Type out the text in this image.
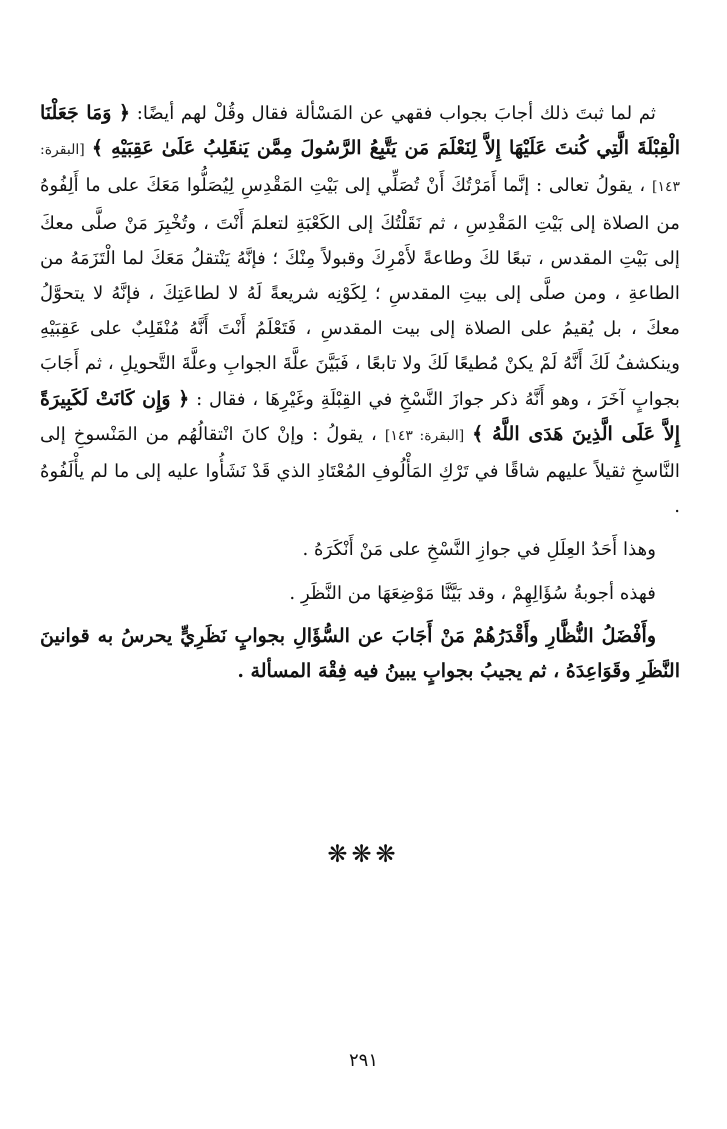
ثم لما ثبتَ ذلك أجابَ بجواب فقهي عن المَسْألة فقال وقُلْ لهم أيضًا: ﴿ وَمَا جَعَلْنَا الْقِبْلَةَ الَّتِي كُنتَ عَلَيْهَا إِلاَّ لِنَعْلَمَ مَن يَتَّبِعُ الرَّسُولَ مِمَّن يَنقَلِبُ عَلَىٰ عَقِبَيْهِ ﴾ [البقرة: ١٤٣] ، يقولُ تعالى : إنَّما أَمَرْتُكَ أَنْ تُصَلِّي إلى بَيْتِ المَقْدِسِ لِيُصَلُّوا مَعَكَ على ما أَلِفُوهُ من الصلاة إلى بَيْتِ المَقْدِسِ ، ثم نَقَلْتُكَ إلى الكَعْبَةِ لتعلمَ أَنْتَ ، وتُخْبِرَ مَنْ صلَّى معكَ إلى بَيْتِ المقدس ، تبعًا لكَ وطاعةً لأَمْرِكَ وقبولاً مِنْكَ ؛ فإنَّهُ يَنْتقلُ مَعَكَ لما الْتَزَمَهُ من الطاعةِ ، ومن صلَّى إلى بيتِ المقدسِ ؛ لِكَوْنِه شريعةً لَهُ لا لطاعَتِكَ ، فإنَّهُ لا يتحوَّلُ معكَ ، بل يُقيمُ على الصلاة إلى بيت المقدسِ ، فَتَعْلَمُ أَنْتَ أَنَّهُ مُنْقَلِبٌ على عَقِبَيْهِ وينكشفُ لَكَ أَنَّهُ لَمْ يكنْ مُطيعًا لَكَ ولا تابعًا ، فَبَيَّنَ علَّةَ الجوابِ وعلَّةَ التَّحويلِ ، ثم أَجَابَ بجوابٍ آخَرَ ، وهو أَنَّهُ ذكر جوازَ النَّسْخِ في القِبْلَةِ وغَيْرِهَا ، فقال : ﴿ وَإِن كَانَتْ لَكَبِيرَةً إِلاَّ عَلَى الَّذِينَ هَدَى اللَّهُ ﴾ [البقرة: ١٤٣] ، يقولُ : وإنْ كانَ انْتقالُهُم من المَنْسوخِ إلى النَّاسخِ ثقيلاً عليهم شاقًا في تَرْكِ المَأْلُوفِ المُعْتَادِ الذي قَدْ نَشَأُوا عليه إلى ما لم يأْلَفُوهُ .

وهذا أَحَدُ العِلَلِ في جوازِ النَّسْخِ على مَنْ أَنْكَرَهُ .

فهذه أجوبةُ سُؤَالِهِمْ ، وقد بَيَّنَّا مَوْضِعَهَا من النَّظَرِ .

وأَفْضَلُ النُّظَّارِ وأَقْدَرُهُمْ مَنْ أَجَابَ عن السُّؤَالِ بجوابٍ نَظَرِيٍّ يحرسُ به قوانينَ النَّظَرِ وقَوَاعِدَهُ ، ثم يجيبُ بجوابٍ يبينُ فيه فِقْهَ المسألة .

❋❋❋
٢٩١
